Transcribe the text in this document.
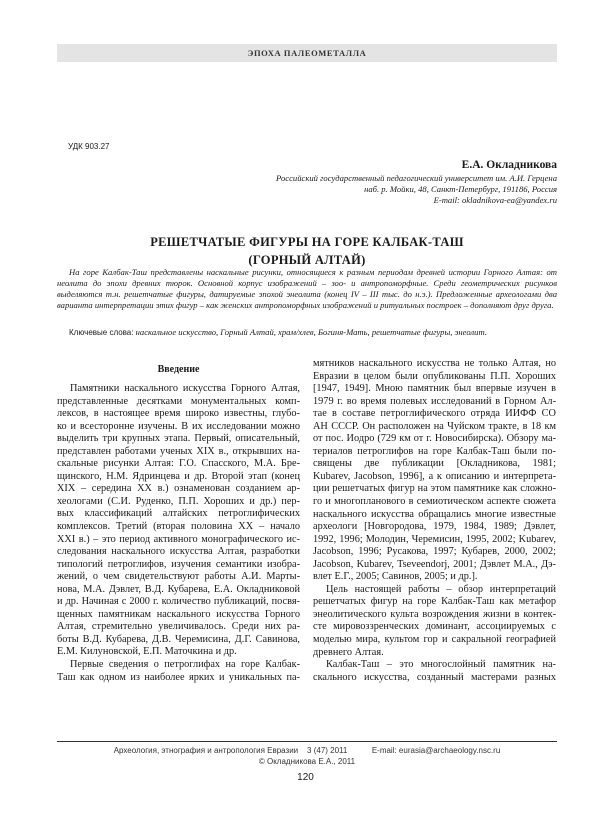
ЭПОХА ПАЛЕОМЕТАЛЛА
УДК 903.27
Е.А. Окладникова
Российский государственный педагогический университет им. А.И. Герцена
наб. р. Мойки, 48, Санкт-Петербург, 191186, Россия
E-mail: okladnikova-ea@yandex.ru
РЕШЕТЧАТЫЕ ФИГУРЫ НА ГОРЕ КАЛБАК-ТАШ
(ГОРНЫЙ АЛТАЙ)
На горе Калбак-Таш представлены наскальные рисунки, относящиеся к разным периодам древней истории Горного Алтая: от неолита до эпохи древних тюрок. Основной корпус изображений – зоо- и антропоморфные. Среди геометрических рисунков выделяются т.н. решетчатые фигуры, датируемые эпохой энеолита (конец IV – III тыс. до н.э.). Предложенные археологами два варианта интерпретации этих фигур – как женских антропоморфных изображений и ритуальных построек – дополняют друг друга.
Ключевые слова: наскальное искусство, Горный Алтай, храм/хлев, Богиня-Мать, решетчатые фигуры, энеолит.
Введение
Памятники наскального искусства Горного Алтая,
представленные десятками монументальных комп-
лексов, в настоящее время широко известны, глубо-
ко и всесторонне изучены. В их исследовании можно
выделить три крупных этапа. Первый, описательный,
представлен работами ученых XIX в., открывших на-
скальные рисунки Алтая: Г.О. Спасского, М.А. Бре-
щинского, Н.М. Ядринцева и др. Второй этап (конец
XIX – середина XX в.) ознаменован созданием ар-
хеологами (С.И. Руденко, П.П. Хороших и др.) пер-
вых классификаций алтайских петроглифических
комплексов. Третий (вторая половина XX – начало
XXI в.) – это период активного монографического ис-
следования наскального искусства Алтая, разработки
типологий петроглифов, изучения семантики изобра-
жений, о чем свидетельствуют работы А.И. Марты-
нова, М.А. Дэвлет, В.Д. Кубарева, Е.А. Окладниковой
и др. Начиная с 2000 г. количество публикаций, посвя-
щенных памятникам наскального искусства Горного
Алтая, стремительно увеличивалось. Среди них ра-
боты В.Д. Кубарева, Д.В. Черемисина, Д.Г. Савинова,
Е.М. Килуновской, Е.П. Маточкина и др.
Первые сведения о петроглифах на горе Калбак-
Таш как одном из наиболее ярких и уникальных па-
мятников наскального искусства не только Алтая, но
Евразии в целом были опубликованы П.П. Хороших
[1947, 1949]. Мною памятник был впервые изучен в
1979 г. во время полевых исследований в Горном Ал-
тае в составе петроглифического отряда ИИФФ СО
АН СССР. Он расположен на Чуйском тракте, в 18 км
от пос. Иодро (729 км от г. Новосибирска). Обзору ма-
териалов петроглифов на горе Калбак-Таш были по-
священы две публикации [Окладникова, 1981;
Kubarev, Jacobson, 1996], а к описанию и интерпрета-
ции решетчатых фигур на этом памятнике как сложно-
го и многопланового в семиотическом аспекте сюжета
наскального искусства обращались многие известные
археологи [Новгородова, 1979, 1984, 1989; Дэвлет,
1992, 1996; Молодин, Черемисин, 1995, 2002; Kubarev,
Jacobson, 1996; Русакова, 1997; Кубарев, 2000, 2002;
Jacobson, Kubarev, Tseveendorj, 2001; Дэвлет М.А., Дэ-
влет Е.Г., 2005; Савинов, 2005; и др.].
Цель настоящей работы – обзор интерпретаций
решетчатых фигур на горе Калбак-Таш как метафор
энеолитического культа возрождения жизни в контек-
сте мировоззренческих доминант, ассоциируемых с
моделью мира, культом гор и сакральной географией
древнего Алтая.
Калбак-Таш – это многослойный памятник на-
скального искусства, созданный мастерами разных
Археология, этнография и антропология Евразии 3 (47) 2011	E-mail: eurasia@archaeology.nsc.ru
© Окладникова Е.А., 2011
120
